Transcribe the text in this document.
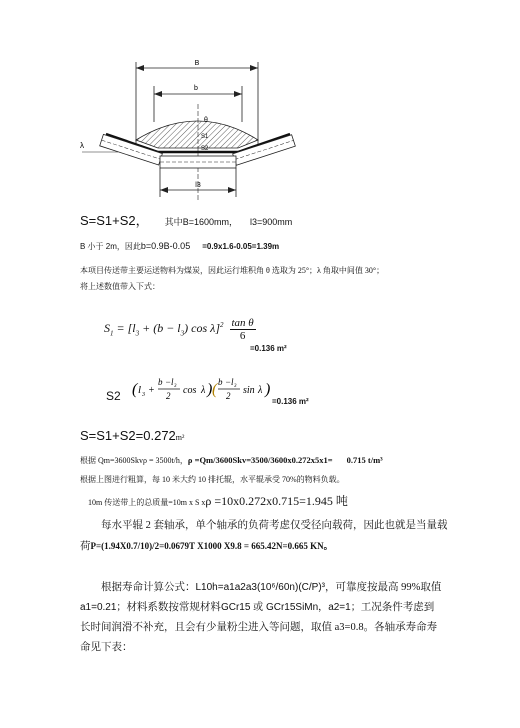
B
b
l3
θ
S1
S2
λ
S=S1+S2， 其中 B=1600mm， l3=900mm
B 小于 2m，因此 b=0.9B-0.05 =0.9x1.6-0.05=1.39m
本项目传送带主要运送物料为煤炭，因此运行堆积角 θ 选取为 25°；λ 角取中间值 30°；
将上述数值带入下式：
$S_1 = [l_3 + (b - l_3)$ $\cos \lambda]^2 \frac{\text{tan θ}}{6}$
=0.136 m²
S2 ( l 3 +
b − l 3
2 cos λ ) ( b − l 3
2 sin λ )
=0.136 m²
S=S1+S2=0.272 m²
根据 Qm=3600Skvρ = 3500t/h， ρ =Qm/3600Skv=3500/3600x0.272x5x1= 0.715 t/m³
根据上图进行粗算，每 10 米大约 10 排托辊，水平辊承受 70%的物料负载。
10m 传送带上的总质量=10m x S x ρ =10x0.272x0.715=1.945 吨
每水平辊 2 套轴承，单个轴承的负荷考虑仅受径向载荷，因此也就是当量载
荷 P=(1.94X0.7/10)/2=0.0679T X1000 X9.8 = 665.42N=0.665 KN。
根据寿命计算公式： L10h=a1a2a3(10⁶/60n)(C/P)³ ，可靠度按最高 99%取值
a1=0.21； 材料系数按常规材料 GCr15 或 GCr15SiMn， a2=1； 工况条件考虑到
长时间润滑不补充，且会有少量粉尘进入等问题，取值 a3=0.8。各轴承寿命寿
命见下表：
